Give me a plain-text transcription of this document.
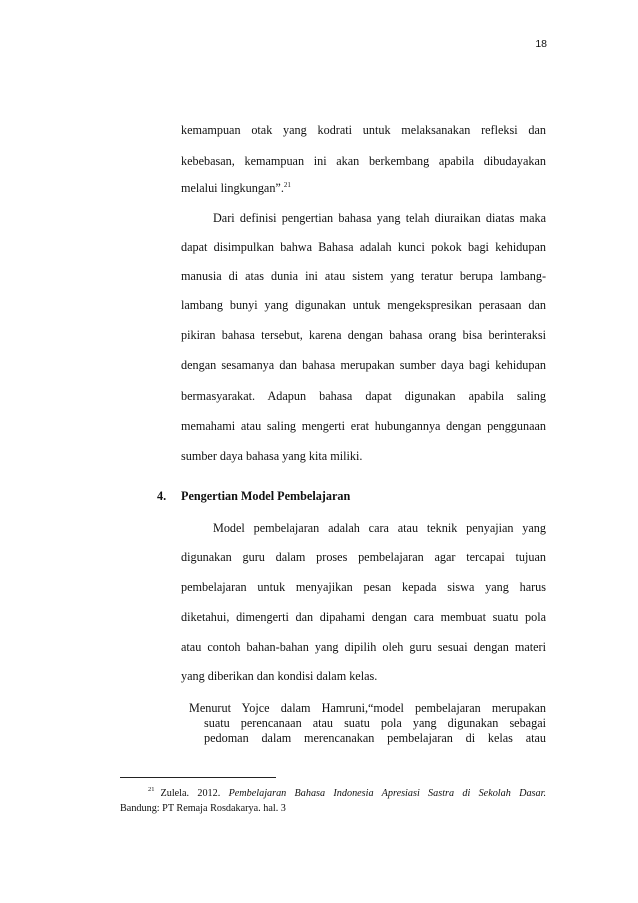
18
kemampuan otak yang kodrati untuk melaksanakan refleksi dan
kebebasan, kemampuan ini akan berkembang apabila dibudayakan
melalui lingkungan”.$^{21}$
Dari definisi pengertian bahasa yang telah diuraikan diatas maka
dapat disimpulkan bahwa Bahasa adalah kunci pokok bagi kehidupan
manusia di atas dunia ini atau sistem yang teratur berupa lambang-
lambang bunyi yang digunakan untuk mengekspresikan perasaan dan
pikiran bahasa tersebut, karena dengan bahasa orang bisa berinteraksi
dengan sesamanya dan bahasa merupakan sumber daya bagi kehidupan
bermasyarakat. Adapun bahasa dapat digunakan apabila saling
memahami atau saling mengerti erat hubungannya dengan penggunaan
sumber daya bahasa yang kita miliki.
4. Pengertian Model Pembelajaran
Model pembelajaran adalah cara atau teknik penyajian yang
digunakan guru dalam proses pembelajaran agar tercapai tujuan
pembelajaran untuk menyajikan pesan kepada siswa yang harus
diketahui, dimengerti dan dipahami dengan cara membuat suatu pola
atau contoh bahan-bahan yang dipilih oleh guru sesuai dengan materi
yang diberikan dan kondisi dalam kelas.
Menurut Yojce dalam Hamruni,“model pembelajaran merupakan
suatu perencanaan atau suatu pola yang digunakan sebagai
pedoman dalam merencanakan pembelajaran di kelas atau
$^{21}$ Zulela. 2012. Pembelajaran Bahasa Indonesia Apresiasi Sastra di Sekolah Dasar.
Bandung: PT Remaja Rosdakarya. hal. 3
